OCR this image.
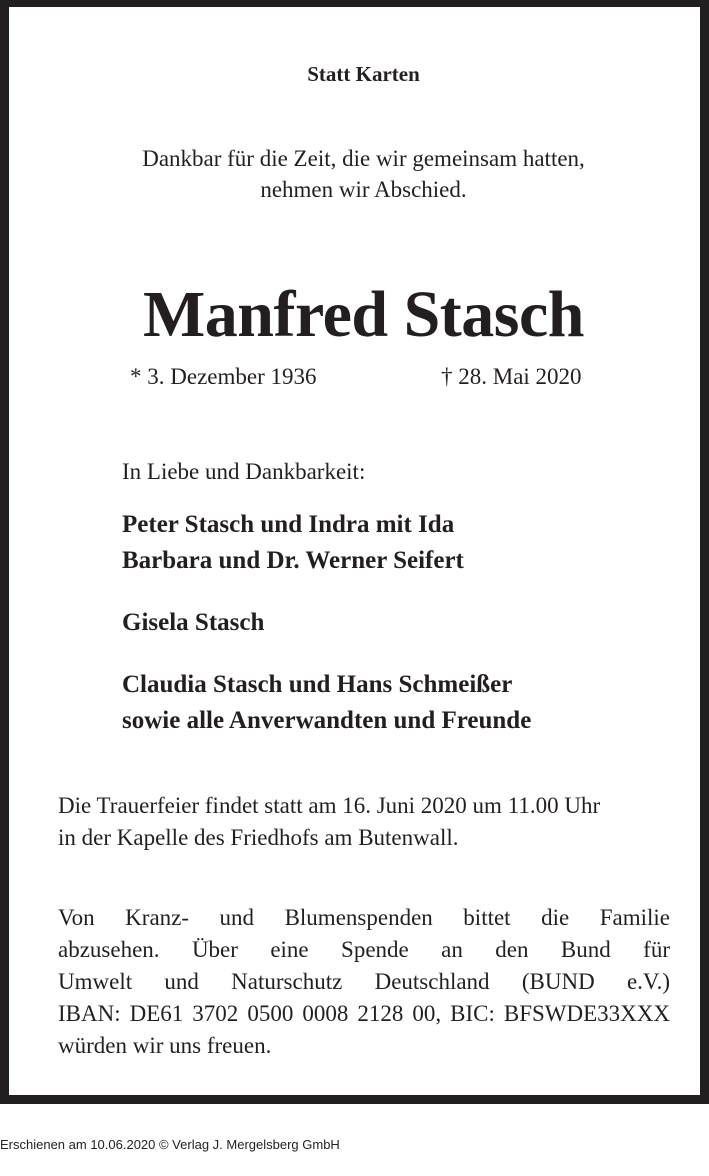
Statt Karten

Dankbar für die Zeit, die wir gemeinsam hatten,
nehmen wir Abschied.

Manfred Stasch

* 3. Dezember 1936	† 28. Mai 2020

In Liebe und Dankbarkeit:

Peter Stasch und Indra mit Ida

Barbara und Dr. Werner Seifert

Gisela Stasch

Claudia Stasch und Hans Schmeißer

sowie alle Anverwandten und Freunde

Die Trauerfeier findet statt am 16. Juni 2020 um 11.00 Uhr
in der Kapelle des Friedhofs am Butenwall.

Von Kranz- und Blumenspenden bittet die Familie
abzusehen. Über eine Spende an den Bund für
Umwelt und Naturschutz Deutschland (BUND e.V.)
IBAN: DE61 3702 0500 0008 2128 00, BIC: BFSWDE33XXX
würden wir uns freuen.

Erschienen am 10.06.2020 © Verlag J. Mergelsberg GmbH
